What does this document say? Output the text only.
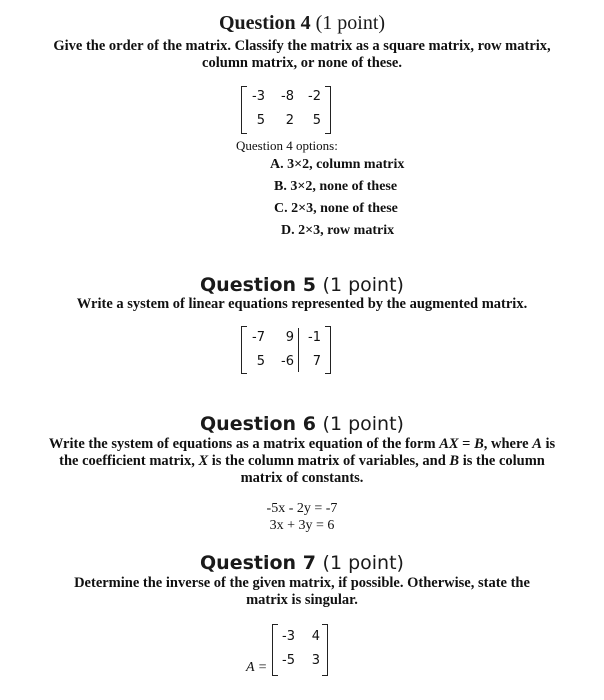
Question 4 (1 point)
Give the order of the matrix. Classify the matrix as a square matrix, row matrix,
column matrix, or none of these.
-3	-8	-2
5	2	5
Question 4 options:
A. 3×2, column matrix
B. 3×2, none of these
C. 2×3, none of these
D. 2×3, row matrix
Question 5 (1 point)
Write a system of linear equations represented by the augmented matrix.
-7	9	-1
5	-6	7
Question 6 (1 point)
Write the system of equations as a matrix equation of the form AX = B, where A is
the coefficient matrix, X is the column matrix of variables, and B is the column
matrix of constants.
-5x - 2y = -7
3x + 3y = 6
Question 7 (1 point)
Determine the inverse of the given matrix, if possible. Otherwise, state the
matrix is singular.
A =
-3	4
-5	3
